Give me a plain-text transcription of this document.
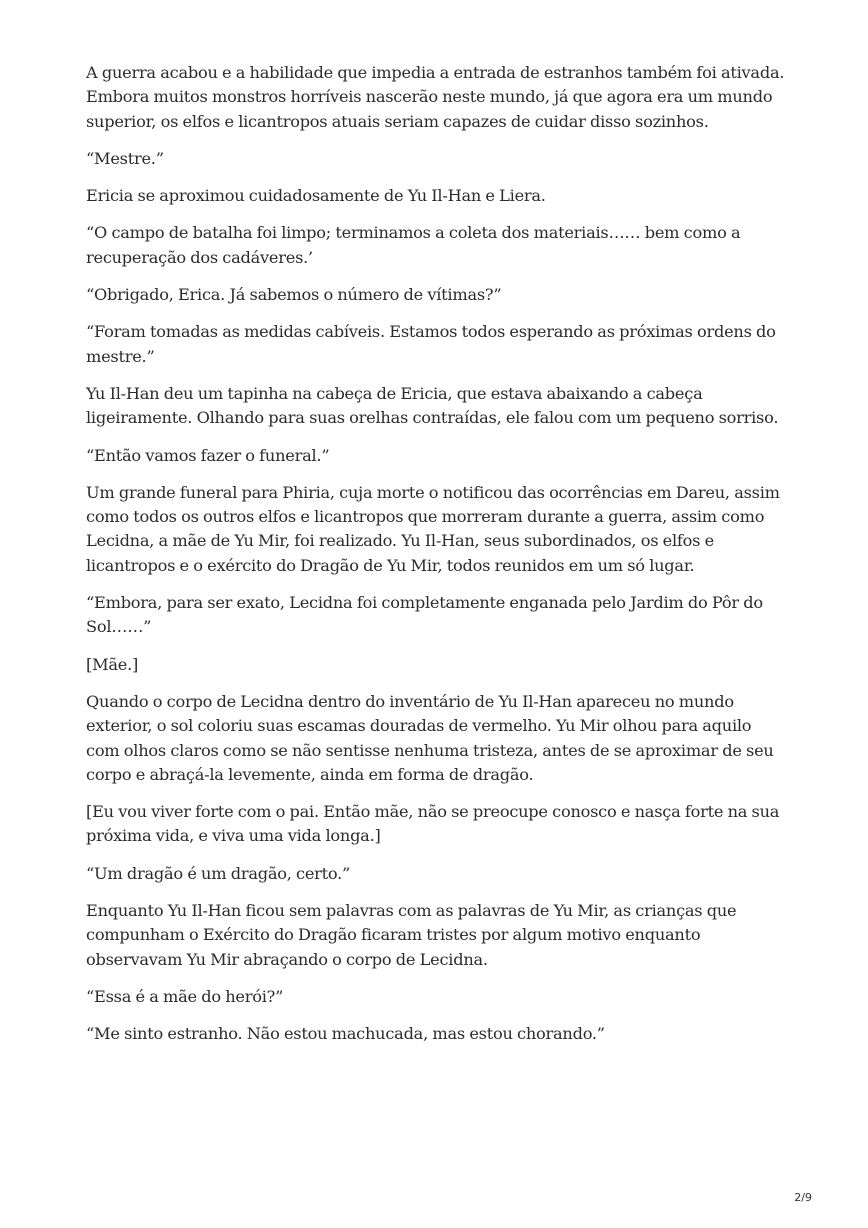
A guerra acabou e a habilidade que impedia a entrada de estranhos também foi ativada. Embora muitos monstros horríveis nascerão neste mundo, já que agora era um mundo superior, os elfos e licantropos atuais seriam capazes de cuidar disso sozinhos.

“Mestre.”

Ericia se aproximou cuidadosamente de Yu Il-Han e Liera.

“O campo de batalha foi limpo; terminamos a coleta dos materiais…… bem como a recuperação dos cadáveres.’

“Obrigado, Erica. Já sabemos o número de vítimas?”

“Foram tomadas as medidas cabíveis. Estamos todos esperando as próximas ordens do mestre.”

Yu Il-Han deu um tapinha na cabeça de Ericia, que estava abaixando a cabeça ligeiramente. Olhando para suas orelhas contraídas, ele falou com um pequeno sorriso.

“Então vamos fazer o funeral.”

Um grande funeral para Phiria, cuja morte o notificou das ocorrências em Dareu, assim como todos os outros elfos e licantropos que morreram durante a guerra, assim como Lecidna, a mãe de Yu Mir, foi realizado. Yu Il-Han, seus subordinados, os elfos e licantropos e o exército do Dragão de Yu Mir, todos reunidos em um só lugar.

“Embora, para ser exato, Lecidna foi completamente enganada pelo Jardim do Pôr do Sol……”

[Mãe.]

Quando o corpo de Lecidna dentro do inventário de Yu Il-Han apareceu no mundo exterior, o sol coloriu suas escamas douradas de vermelho. Yu Mir olhou para aquilo com olhos claros como se não sentisse nenhuma tristeza, antes de se aproximar de seu corpo e abraçá-la levemente, ainda em forma de dragão.

[Eu vou viver forte com o pai. Então mãe, não se preocupe conosco e nasça forte na sua próxima vida, e viva uma vida longa.]

“Um dragão é um dragão, certo.”

Enquanto Yu Il-Han ficou sem palavras com as palavras de Yu Mir, as crianças que compunham o Exército do Dragão ficaram tristes por algum motivo enquanto observavam Yu Mir abraçando o corpo de Lecidna.

“Essa é a mãe do herói?”

“Me sinto estranho. Não estou machucada, mas estou chorando.”

2/9
